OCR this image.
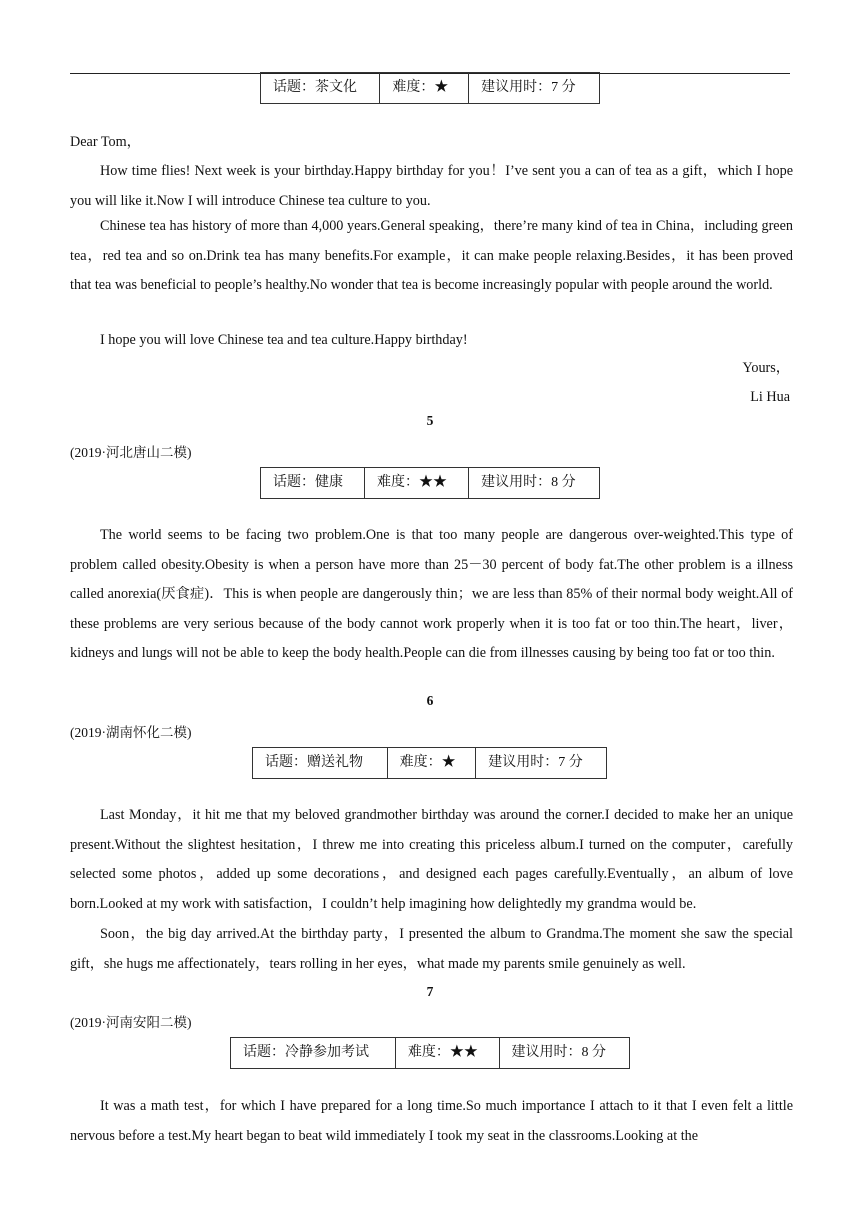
话题：茶文化	难度：★	建议用时：7 分

Dear Tom，

How time flies! Next week is your birthday.Happy birthday for you！I’ve sent you a can of tea as a gift，which I hope you will like it.Now I will introduce Chinese tea culture to you.

Chinese tea has history of more than 4,000 years.General speaking，there’re many kind of tea in China，including green tea，red tea and so on.Drink tea has many benefits.For example，it can make people relaxing.Besides，it has been proved that tea was beneficial to people’s healthy.No wonder that tea is become increasingly popular with people around the world.

I hope you will love Chinese tea and tea culture.Happy birthday!

Yours，

Li Hua

5
(2019·河北唐山二模)
话题：健康	难度：★★	建议用时：8 分

The world seems to be facing two problem.One is that too many people are dangerous over-weighted.This type of problem called obesity.Obesity is when a person have more than 25－30 percent of body fat.The other problem is a illness called anorexia(厌食症)．This is when people are dangerously thin；we are less than 85% of their normal body weight.All of these problems are very serious because of the body cannot work properly when it is too fat or too thin.The heart，liver，kidneys and lungs will not be able to keep the body health.People can die from illnesses causing by being too fat or too thin.

6
(2019·湖南怀化二模)
话题：赠送礼物	难度：★	建议用时：7 分

Last Monday，it hit me that my beloved grandmother birthday was around the corner.I decided to make her an unique present.Without the slightest hesitation，I threw me into creating this priceless album.I turned on the computer，carefully selected some photos，added up some decorations，and designed each pages carefully.Eventually，an album of love born.Looked at my work with satisfaction，I couldn’t help imagining how delightedly my grandma would be.

Soon，the big day arrived.At the birthday party，I presented the album to Grandma.The moment she saw the special gift，she hugs me affectionately，tears rolling in her eyes，what made my parents smile genuinely as well.

7
(2019·河南安阳二模)
话题：冷静参加考试	难度：★★	建议用时：8 分

It was a math test，for which I have prepared for a long time.So much importance I attach to it that I even felt a little nervous before a test.My heart began to beat wild immediately I took my seat in the classrooms.Looking at the
